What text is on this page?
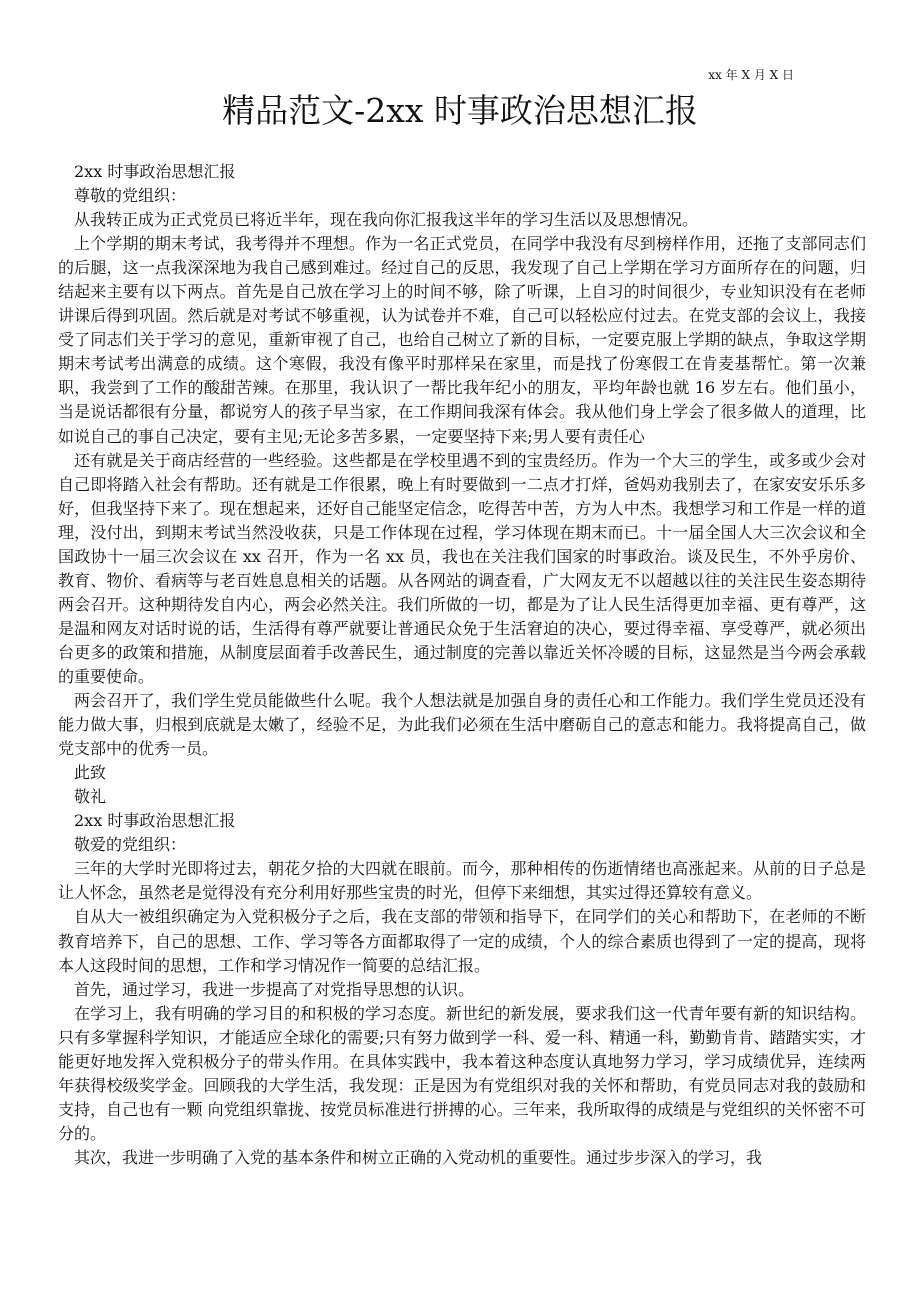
xx 年 X 月 X 日
精品范文-2xx 时事政治思想汇报

2xx 时事政治思想汇报

尊敬的党组织：

从我转正成为正式党员已将近半年，现在我向你汇报我这半年的学习生活以及思想情况。

上个学期的期末考试，我考得并不理想。作为一名正式党员，在同学中我没有尽到榜样作用，还拖了支部同志们的后腿，这一点我深深地为我自己感到难过。经过自己的反思，我发现了自己上学期在学习方面所存在的问题，归结起来主要有以下两点。首先是自己放在学习上的时间不够，除了听课，上自习的时间很少，专业知识没有在老师讲课后得到巩固。然后就是对考试不够重视，认为试卷并不难，自己可以轻松应付过去。在党支部的会议上，我接受了同志们关于学习的意见，重新审视了自己，也给自己树立了新的目标，一定要克服上学期的缺点，争取这学期期末考试考出满意的成绩。这个寒假，我没有像平时那样呆在家里，而是找了份寒假工在肯麦基帮忙。第一次兼职，我尝到了工作的酸甜苦辣。在那里，我认识了一帮比我年纪小的朋友，平均年龄也就 16 岁左右。他们虽小，当是说话都很有分量，都说穷人的孩子早当家，在工作期间我深有体会。我从他们身上学会了很多做人的道理，比如说自己的事自己决定，要有主见;无论多苦多累，一定要坚持下来;男人要有责任心

还有就是关于商店经营的一些经验。这些都是在学校里遇不到的宝贵经历。作为一个大三的学生，或多或少会对自己即将踏入社会有帮助。还有就是工作很累，晚上有时要做到一二点才打烊，爸妈劝我别去了，在家安安乐乐多好，但我坚持下来了。现在想起来，还好自己能坚定信念，吃得苦中苦，方为人中杰。我想学习和工作是一样的道理，没付出，到期末考试当然没收获，只是工作体现在过程，学习体现在期末而已。十一届全国人大三次会议和全国政协十一届三次会议在 xx 召开，作为一名 xx 员，我也在关注我们国家的时事政治。谈及民生，不外乎房价、教育、物价、看病等与老百姓息息相关的话题。从各网站的调查看，广大网友无不以超越以往的关注民生姿态期待两会召开。这种期待发自内心，两会必然关注。我们所做的一切，都是为了让人民生活得更加幸福、更有尊严，这是温和网友对话时说的话，生活得有尊严就要让普通民众免于生活窘迫的决心，要过得幸福、享受尊严，就必须出台更多的政策和措施，从制度层面着手改善民生，通过制度的完善以靠近关怀冷暖的目标，这显然是当今两会承载的重要使命。

两会召开了，我们学生党员能做些什么呢。我个人想法就是加强自身的责任心和工作能力。我们学生党员还没有能力做大事，归根到底就是太嫩了，经验不足，为此我们必须在生活中磨砺自己的意志和能力。我将提高自己，做党支部中的优秀一员。

此致

敬礼

2xx 时事政治思想汇报

敬爱的党组织：

三年的大学时光即将过去，朝花夕拾的大四就在眼前。而今，那种相传的伤逝情绪也高涨起来。从前的日子总是让人怀念，虽然老是觉得没有充分利用好那些宝贵的时光，但停下来细想，其实过得还算较有意义。

自从大一被组织确定为入党积极分子之后，我在支部的带领和指导下，在同学们的关心和帮助下，在老师的不断教育培养下，自己的思想、工作、学习等各方面都取得了一定的成绩，个人的综合素质也得到了一定的提高，现将本人这段时间的思想，工作和学习情况作一简要的总结汇报。

首先，通过学习，我进一步提高了对党指导思想的认识。

在学习上，我有明确的学习目的和积极的学习态度。新世纪的新发展，要求我们这一代青年要有新的知识结构。只有多掌握科学知识，才能适应全球化的需要;只有努力做到学一科、爱一科、精通一科，勤勤肯肯、踏踏实实，才能更好地发挥入党积极分子的带头作用。在具体实践中，我本着这种态度认真地努力学习，学习成绩优异，连续两年获得校级奖学金。回顾我的大学生活，我发现：正是因为有党组织对我的关怀和帮助，有党员同志对我的鼓励和支持，自己也有一颗 向党组织靠拢、按党员标准进行拼搏的心。三年来，我所取得的成绩是与党组织的关怀密不可分的。

其次，我进一步明确了入党的基本条件和树立正确的入党动机的重要性。通过步步深入的学习，我
